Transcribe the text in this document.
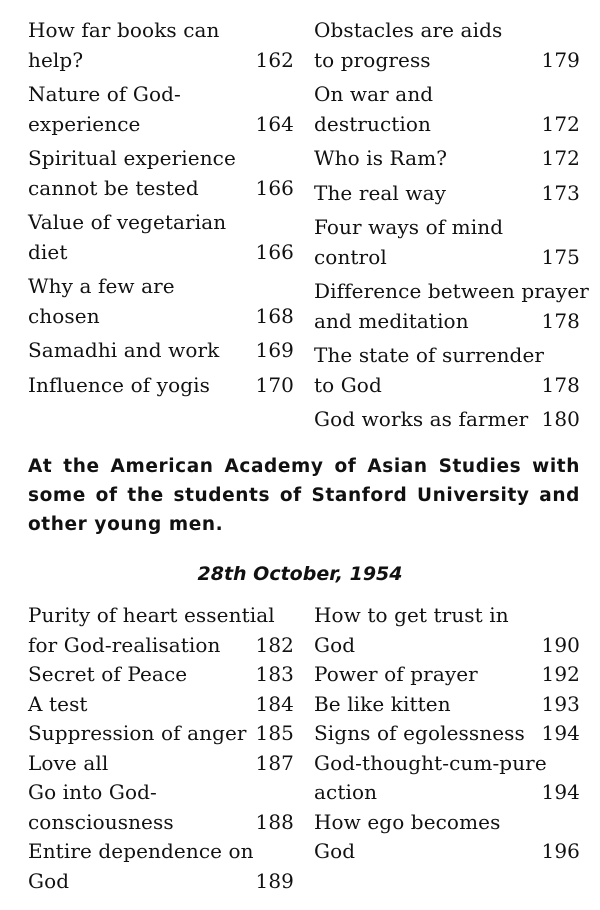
How far books can
help?	162
Nature of God-
experience	164
Spiritual experience
cannot be tested	166
Value of vegetarian
diet	166
Why a few are
chosen	168
Samadhi and work	169
Influence of yogis	170
Obstacles are aids
to progress	179
On war and
destruction	172
Who is Ram?	172
The real way	173
Four ways of mind
control	175
Difference between prayer
and meditation	178
The state of surrender
to God	178
God works as farmer 180
At the American Academy of Asian Studies with some of the students of Stanford University and other young men.
28th October, 1954
Purity of heart essential
for God-realisation	182
Secret of Peace	183
A test	184
Suppression of anger 185
Love all	187
Go into God-
consciousness	188
Entire dependence on
God	189
How to get trust in
God	190
Power of prayer	192
Be like kitten	193
Signs of egolessness 194
God-thought-cum-pure
action	194
How ego becomes
God	196
